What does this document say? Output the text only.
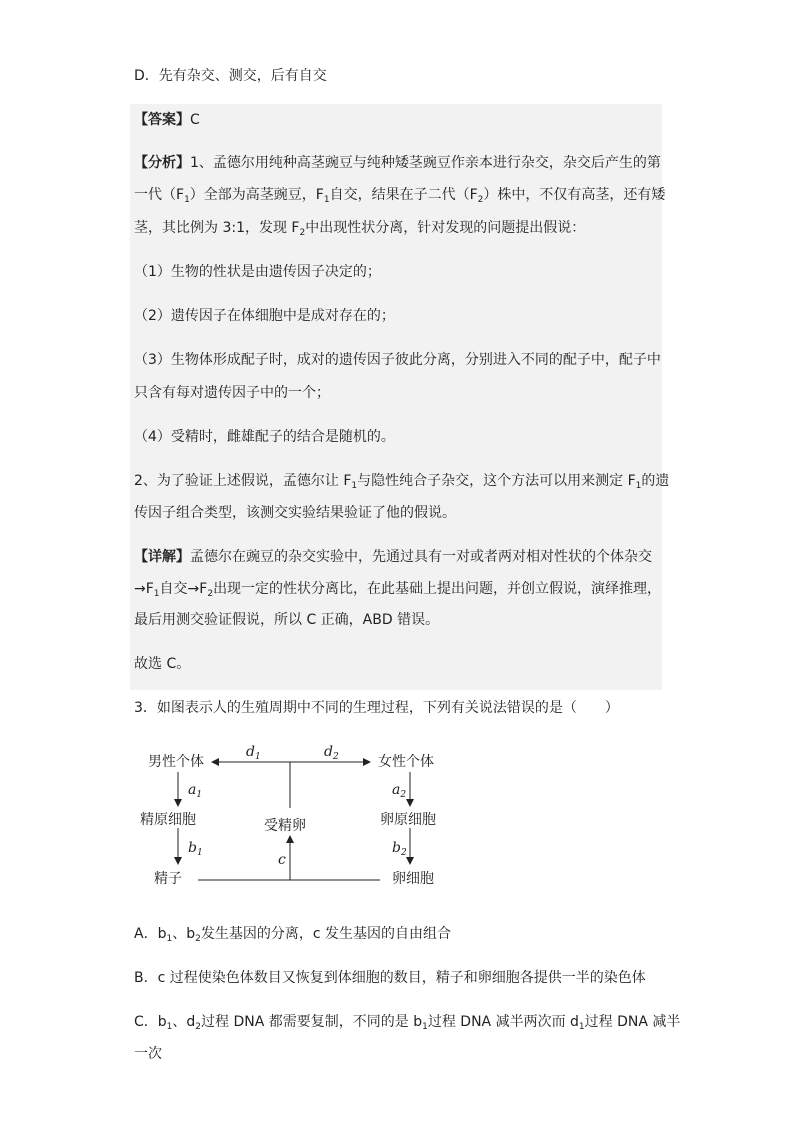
D．先有杂交、测交，后有自交
【答案】C
【分析】1、孟德尔用纯种高茎豌豆与纯种矮茎豌豆作亲本进行杂交，杂交后产生的第
一代$(F_1)$全部为高茎豌豆，$F_1$自交，结果在子二代$(F_2)$株中，不仅有高茎，还有矮
茎，其比例为 3:1，发现 $F_2$中出现性状分离，针对发现的问题提出假说：
（1）生物的性状是由遗传因子决定的；
（2）遗传因子在体细胞中是成对存在的；
（3）生物体形成配子时，成对的遗传因子彼此分离，分别进入不同的配子中，配子中
只含有每对遗传因子中的一个；
（4）受精时，雌雄配子的结合是随机的。
2、为了验证上述假说，孟德尔让 $F_1$与隐性纯合子杂交，这个方法可以用来测定 $F_1$的遗
传因子组合类型，该测交实验结果验证了他的假说。
【详解】孟德尔在豌豆的杂交实验中，先通过具有一对或者两对相对性状的个体杂交
$\to F_1$自交$\to F_2$出现一定的性状分离比，在此基础上提出问题，并创立假说，演绎推理，
最后用测交验证假说，所以 C 正确，ABD 错误。
故选 C。
3．如图表示人的生殖周期中不同的生理过程，下列有关说法错误的是（　　）
男性个体	女性个体
精原细胞	卵原细胞
受精卵
精子	卵细胞
$d_1$	$d_2$
$a_1$	$a_2$
$b_1$	$b_2$
c
A．$b_1$、$b_2$发生基因的分离，c 发生基因的自由组合
B．c 过程使染色体数目又恢复到体细胞的数目，精子和卵细胞各提供一半的染色体
C．$b_1$、$d_2$过程 DNA 都需要复制，不同的是 $b_1$过程 DNA 减半两次而 $d_1$过程 DNA 减半
一次
